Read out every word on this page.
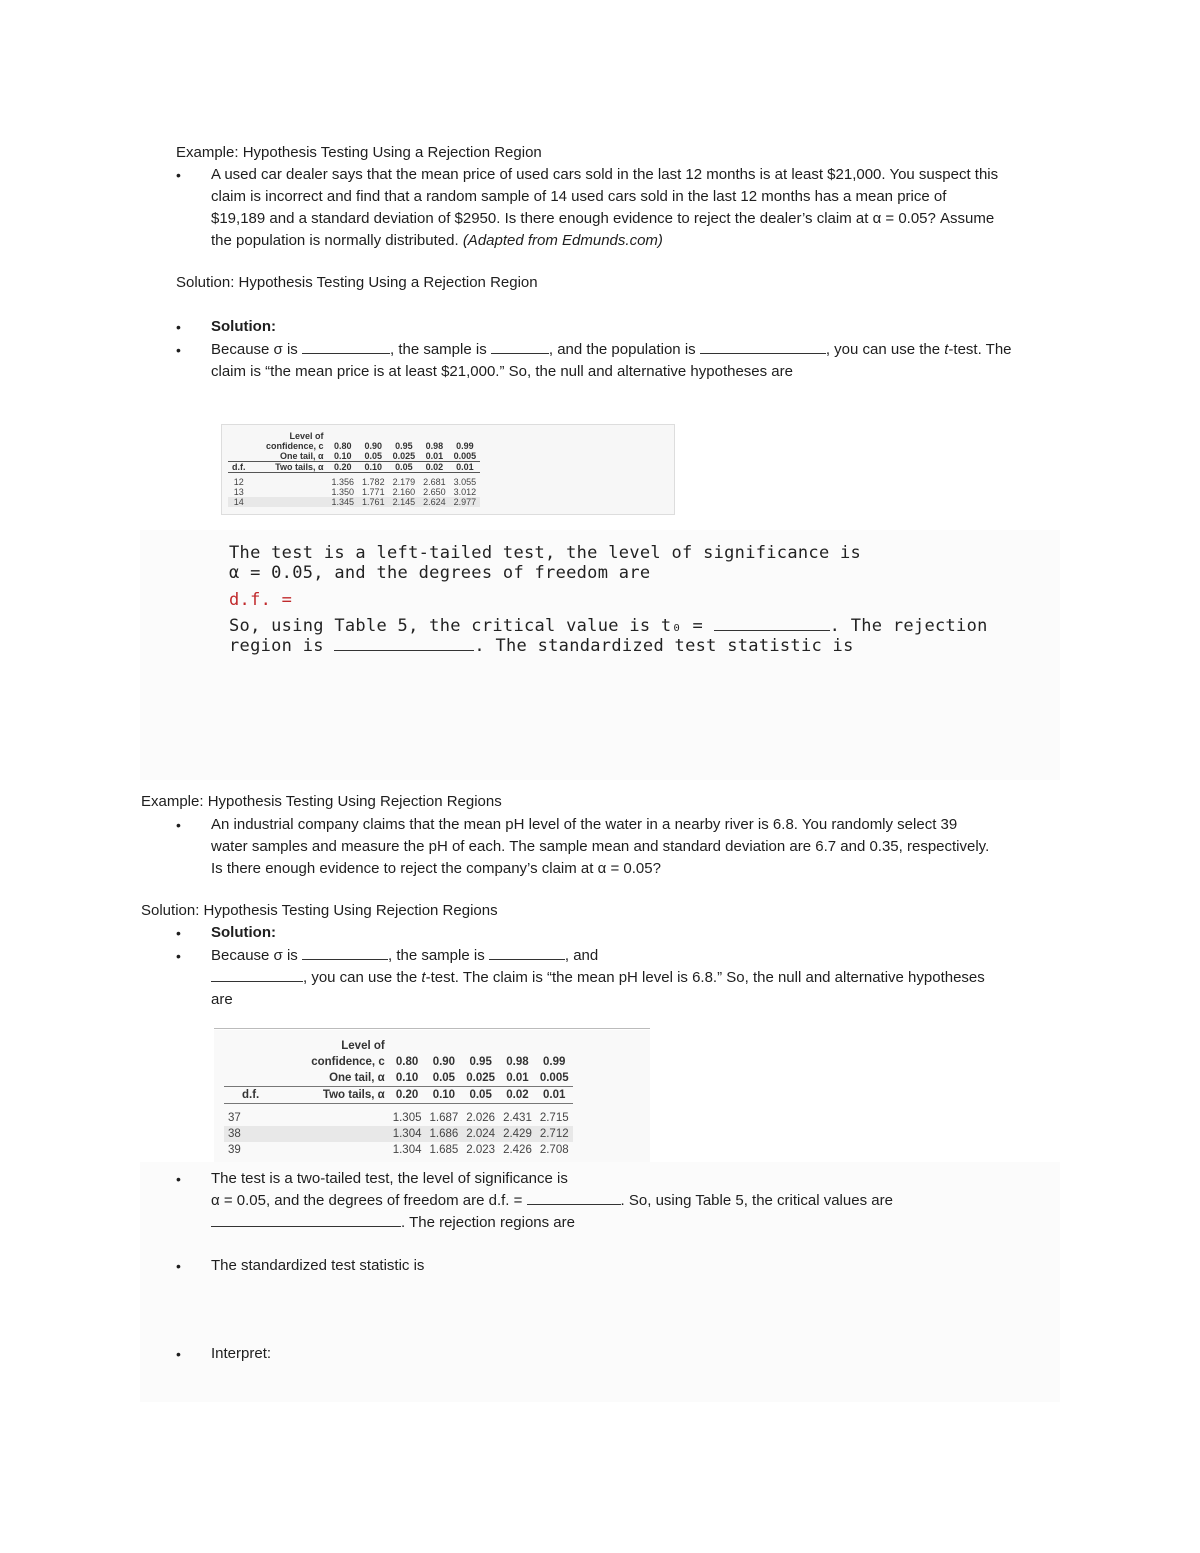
Example: Hypothesis Testing Using a Rejection Region
• A used car dealer says that the mean price of used cars sold in the last 12 months is at least $21,000. You suspect this
claim is incorrect and find that a random sample of 14 used cars sold in the last 12 months has a mean price of
$19,189 and a standard deviation of $2950. Is there enough evidence to reject the dealer’s claim at α = 0.05? Assume
the population is normally distributed. (Adapted from Edmunds.com)
Solution: Hypothesis Testing Using a Rejection Region
• Solution:
• Because σ is	, the sample is	, and the population is	, you can use the t-test. The
claim is “the mean price is at least $21,000.” So, the null and alternative hypotheses are
	Level of					
	confidence, c	0.80	0.90	0.95	0.98	0.99
	One tail, α	0.10	0.05	0.025	0.01	0.005
d.f.	Two tails, α	0.20	0.10	0.05	0.02	0.01

12		1.356	1.782	2.179	2.681	3.055
13		1.350	1.771	2.160	2.650	3.012
14		1.345	1.761	2.145	2.624	2.977
The test is a left-tailed test, the level of significance is
α = 0.05, and the degrees of freedom are
d.f. =
So, using Table 5, the critical value is t₀ =	. The rejection
region is	. The standardized test statistic is
Example: Hypothesis Testing Using Rejection Regions
• An industrial company claims that the mean pH level of the water in a nearby river is 6.8. You randomly select 39
water samples and measure the pH of each. The sample mean and standard deviation are 6.7 and 0.35, respectively.
Is there enough evidence to reject the company’s claim at α = 0.05?
Solution: Hypothesis Testing Using Rejection Regions
• Solution:
• Because σ is	, the sample is	, and
, you can use the t-test. The claim is “the mean pH level is 6.8.” So, the null and alternative hypotheses
are
	Level of					
	confidence, c	0.80	0.90	0.95	0.98	0.99
	One tail, α	0.10	0.05	0.025	0.01	0.005
d.f.	Two tails, α	0.20	0.10	0.05	0.02	0.01

37		1.305	1.687	2.026	2.431	2.715
38		1.304	1.686	2.024	2.429	2.712
39		1.304	1.685	2.023	2.426	2.708
• The test is a two-tailed test, the level of significance is
α = 0.05, and the degrees of freedom are d.f. =	. So, using Table 5, the critical values are
. The rejection regions are
• The standardized test statistic is
• Interpret:
